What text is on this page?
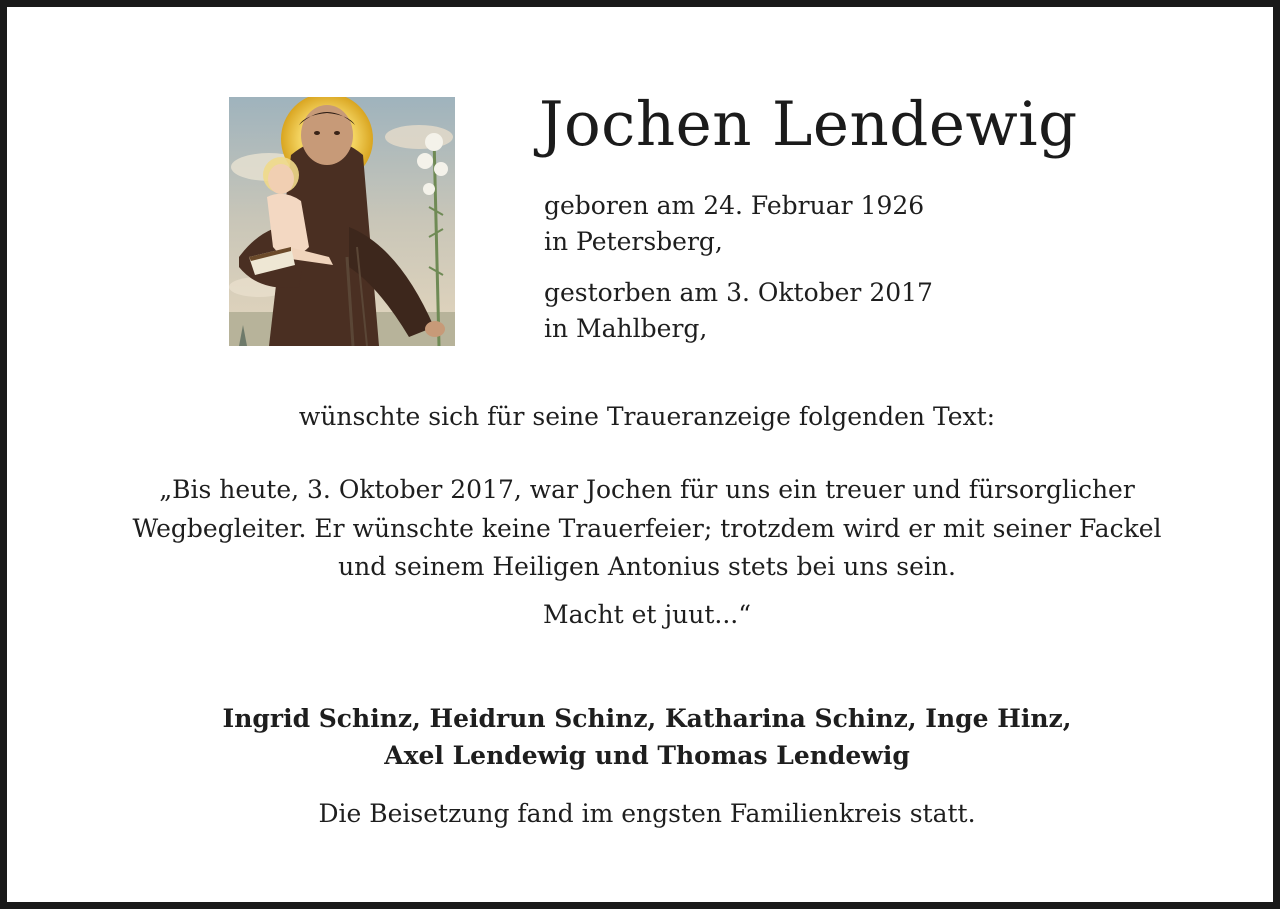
Jochen Lendewig
geboren am 24. Februar 1926
in Petersberg,
gestorben am 3. Oktober 2017
in Mahlberg,
wünschte sich für seine Traueranzeige folgenden Text:
„Bis heute, 3. Oktober 2017, war Jochen für uns ein treuer und fürsorglicher
Wegbegleiter. Er wünschte keine Trauerfeier; trotzdem wird er mit seiner Fackel
und seinem Heiligen Antonius stets bei uns sein.
Macht et juut...“
Ingrid Schinz, Heidrun Schinz, Katharina Schinz, Inge Hinz,
Axel Lendewig und Thomas Lendewig
Die Beisetzung fand im engsten Familienkreis statt.
